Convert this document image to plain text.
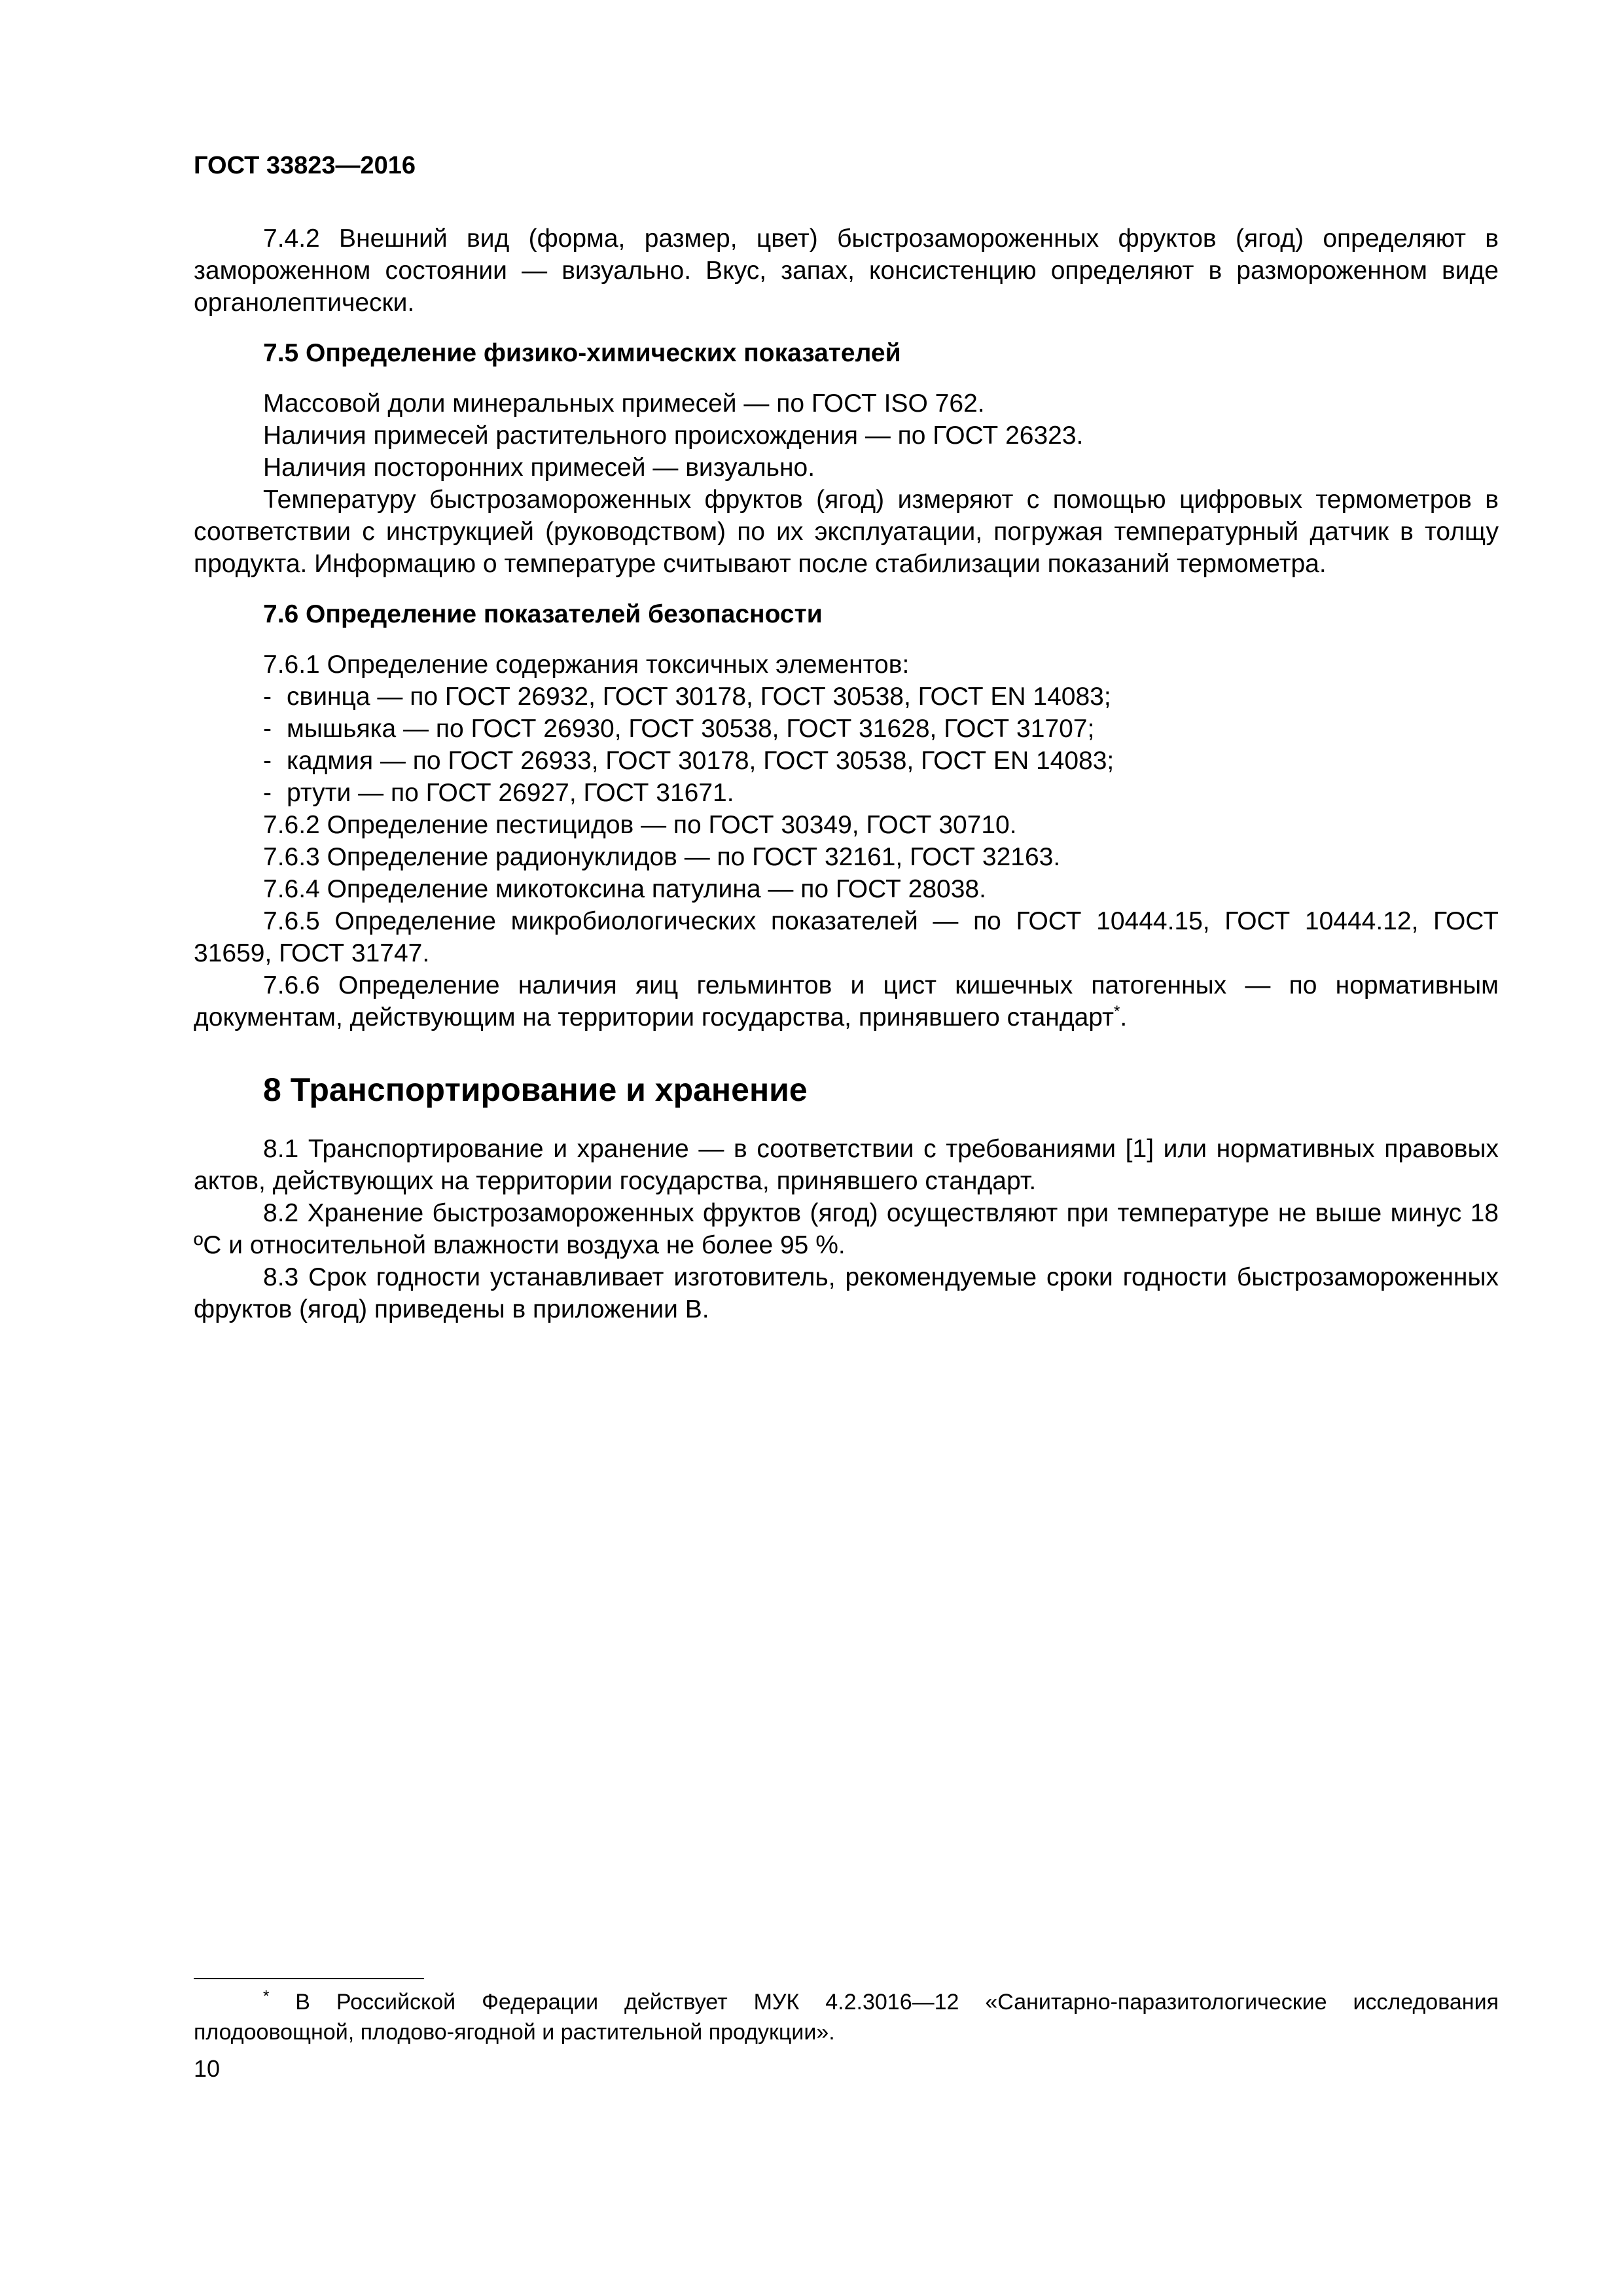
ГОСТ 33823—2016

7.4.2 Внешний вид (форма, размер, цвет) быстрозамороженных фруктов (ягод) определяют в замороженном состоянии — визуально. Вкус, запах, консистенцию определяют в размороженном виде органолептически.

7.5 Определение физико-химических показателей

Массовой доли минеральных примесей — по ГОСТ ISO 762.

Наличия примесей растительного происхождения — по ГОСТ 26323.

Наличия посторонних примесей — визуально.

Температуру быстрозамороженных фруктов (ягод) измеряют с помощью цифровых термометров в соответствии с инструкцией (руководством) по их эксплуатации, погружая температурный датчик в толщу продукта. Информацию о температуре считывают после стабилизации показаний термометра.

7.6 Определение показателей безопасности

7.6.1 Определение содержания токсичных элементов:

- свинца — по ГОСТ 26932, ГОСТ 30178, ГОСТ 30538, ГОСТ EN 14083;
- мышьяка — по ГОСТ 26930, ГОСТ 30538, ГОСТ 31628, ГОСТ 31707;
- кадмия — по ГОСТ 26933, ГОСТ 30178, ГОСТ 30538, ГОСТ EN 14083;
- ртути — по ГОСТ 26927, ГОСТ 31671.

7.6.2 Определение пестицидов — по ГОСТ 30349, ГОСТ 30710.

7.6.3 Определение радионуклидов — по ГОСТ 32161, ГОСТ 32163.

7.6.4 Определение микотоксина патулина — по ГОСТ 28038.

7.6.5 Определение микробиологических показателей — по ГОСТ 10444.15, ГОСТ 10444.12, ГОСТ 31659, ГОСТ 31747.

7.6.6 Определение наличия яиц гельминтов и цист кишечных патогенных — по нормативным документам, действующим на территории государства, принявшего стандарт*.

8 Транспортирование и хранение

8.1 Транспортирование и хранение — в соответствии с требованиями [1] или нормативных правовых актов, действующих на территории государства, принявшего стандарт.

8.2 Хранение быстрозамороженных фруктов (ягод) осуществляют при температуре не выше минус 18 ºС и относительной влажности воздуха не более 95 %.

8.3 Срок годности устанавливает изготовитель, рекомендуемые сроки годности быстрозамороженных фруктов (ягод) приведены в приложении В.

* В Российской Федерации действует МУК 4.2.3016—12 «Санитарно-паразитологические исследования плодоовощной, плодово-ягодной и растительной продукции».

10
